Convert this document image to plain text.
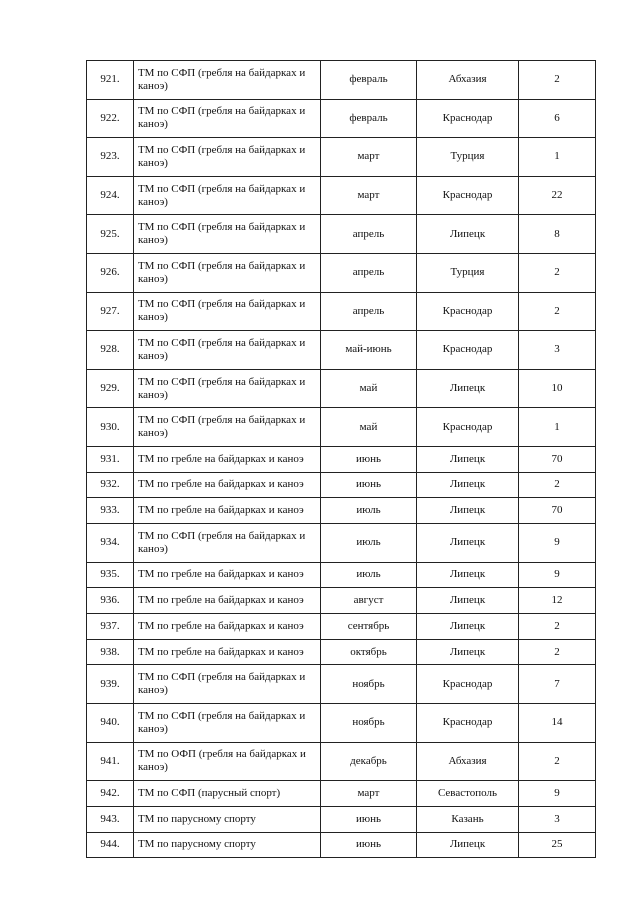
921.	ТМ по СФП (гребля на байдарках и каноэ)	февраль	Абхазия	2
922.	ТМ по СФП (гребля на байдарках и каноэ)	февраль	Краснодар	6
923.	ТМ по СФП (гребля на байдарках и каноэ)	март	Турция	1
924.	ТМ по СФП (гребля на байдарках и каноэ)	март	Краснодар	22
925.	ТМ по СФП (гребля на байдарках и каноэ)	апрель	Липецк	8
926.	ТМ по СФП (гребля на байдарках и каноэ)	апрель	Турция	2
927.	ТМ по СФП (гребля на байдарках и каноэ)	апрель	Краснодар	2
928.	ТМ по СФП (гребля на байдарках и каноэ)	май-июнь	Краснодар	3
929.	ТМ по СФП (гребля на байдарках и каноэ)	май	Липецк	10
930.	ТМ по СФП (гребля на байдарках и каноэ)	май	Краснодар	1
931.	ТМ по гребле на байдарках и каноэ	июнь	Липецк	70
932.	ТМ по гребле на байдарках и каноэ	июнь	Липецк	2
933.	ТМ по гребле на байдарках и каноэ	июль	Липецк	70
934.	ТМ по СФП (гребля на байдарках и каноэ)	июль	Липецк	9
935.	ТМ по гребле на байдарках и каноэ	июль	Липецк	9
936.	ТМ по гребле на байдарках и каноэ	август	Липецк	12
937.	ТМ по гребле на байдарках и каноэ	сентябрь	Липецк	2
938.	ТМ по гребле на байдарках и каноэ	октябрь	Липецк	2
939.	ТМ по СФП (гребля на байдарках и каноэ)	ноябрь	Краснодар	7
940.	ТМ по СФП (гребля на байдарках и каноэ)	ноябрь	Краснодар	14
941.	ТМ по ОФП (гребля на байдарках и каноэ)	декабрь	Абхазия	2
942.	ТМ по СФП (парусный спорт)	март	Севастополь	9
943.	ТМ по парусному спорту	июнь	Казань	3
944.	ТМ по парусному спорту	июнь	Липецк	25
